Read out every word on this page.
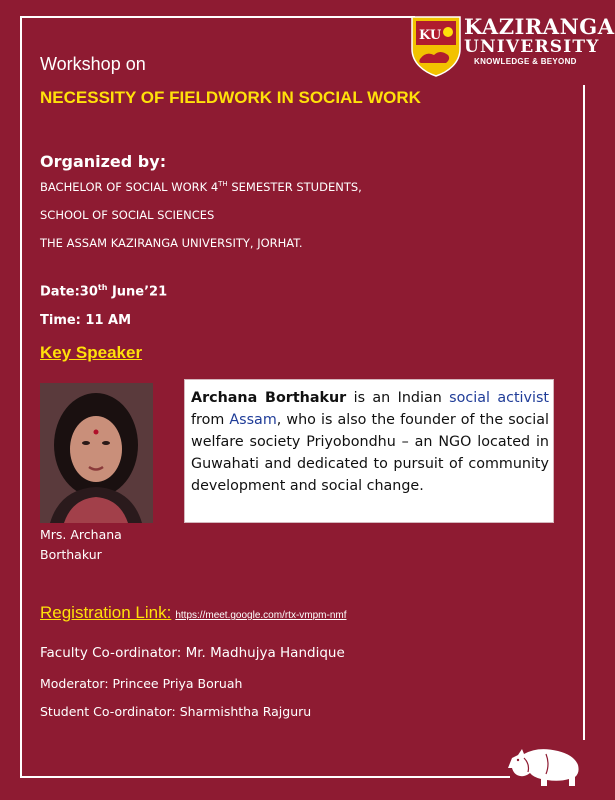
KU KAZIRANGA
UNIVERSITY
KNOWLEDGE & BEYOND
Workshop on
NECESSITY OF FIELDWORK IN SOCIAL WORK
Organized by:
BACHELOR OF SOCIAL WORK 4TH SEMESTER STUDENTS,
SCHOOL OF SOCIAL SCIENCES
THE ASSAM KAZIRANGA UNIVERSITY, JORHAT.
Date:30th June’21
Time: 11 AM
Key Speaker
Mrs. Archana
Borthakur
Archana Borthakur is an Indian social activist from Assam, who is also the founder of the social welfare society Priyobondhu – an NGO located in Guwahati and dedicated to pursuit of community development and social change.
Registration Link: https://meet.google.com/rtx-vmpm-nmf
Faculty Co-ordinator: Mr. Madhujya Handique
Moderator: Princee Priya Boruah
Student Co-ordinator: Sharmishtha Rajguru
